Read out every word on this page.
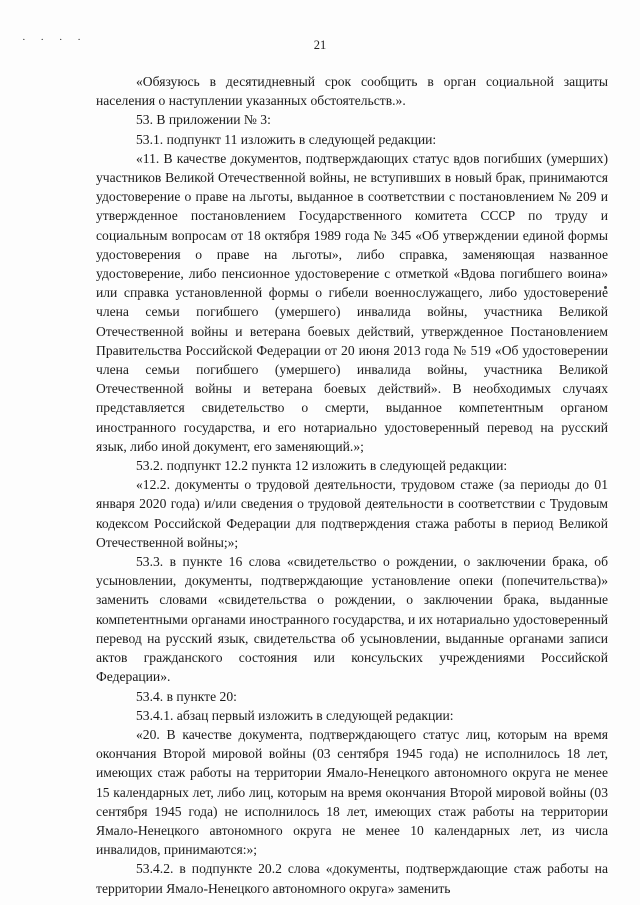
· · · ·	21

«Обязуюсь в десятидневный срок сообщить в орган социальной защиты населения о наступлении указанных обстоятельств.».

53. В приложении № 3:

53.1. подпункт 11 изложить в следующей редакции:

«11. В качестве документов, подтверждающих статус вдов погибших (умерших) участников Великой Отечественной войны, не вступивших в новый брак, принимаются удостоверение о праве на льготы, выданное в соответствии с постановлением № 209 и утвержденное постановлением Государственного комитета СССР по труду и социальным вопросам от 18 октября 1989 года № 345 «Об утверждении единой формы удостоверения о праве на льготы», либо справка, заменяющая названное удостоверение, либо пенсионное удостоверение с отметкой «Вдова погибшего воина» или справка установленной формы о гибели военнослужащего, либо удостоверение члена семьи погибшего (умершего) инвалида войны, участника Великой Отечественной войны и ветерана боевых действий, утвержденное Постановлением Правительства Российской Федерации от 20 июня 2013 года № 519 «Об удостоверении члена семьи погибшего (умершего) инвалида войны, участника Великой Отечественной войны и ветерана боевых действий». В необходимых случаях представляется свидетельство о смерти, выданное компетентным органом иностранного государства, и его нотариально удостоверенный перевод на русский язык, либо иной документ, его заменяющий.»;

53.2. подпункт 12.2 пункта 12 изложить в следующей редакции:

«12.2. документы о трудовой деятельности, трудовом стаже (за периоды до 01 января 2020 года) и/или сведения о трудовой деятельности в соответствии с Трудовым кодексом Российской Федерации для подтверждения стажа работы в период Великой Отечественной войны;»;

53.3. в пункте 16 слова «свидетельство о рождении, о заключении брака, об усыновлении, документы, подтверждающие установление опеки (попечительства)» заменить словами «свидетельства о рождении, о заключении брака, выданные компетентными органами иностранного государства, и их нотариально удостоверенный перевод на русский язык, свидетельства об усыновлении, выданные органами записи актов гражданского состояния или консульских учреждениями Российской Федерации».

53.4. в пункте 20:

53.4.1. абзац первый изложить в следующей редакции:

«20. В качестве документа, подтверждающего статус лиц, которым на время окончания Второй мировой войны (03 сентября 1945 года) не исполнилось 18 лет, имеющих стаж работы на территории Ямало-Ненецкого автономного округа не менее 15 календарных лет, либо лиц, которым на время окончания Второй мировой войны (03 сентября 1945 года) не исполнилось 18 лет, имеющих стаж работы на территории Ямало-Ненецкого автономного округа не менее 10 календарных лет, из числа инвалидов, принимаются:»;

53.4.2. в подпункте 20.2 слова «документы, подтверждающие стаж работы на территории Ямало-Ненецкого автономного округа» заменить
